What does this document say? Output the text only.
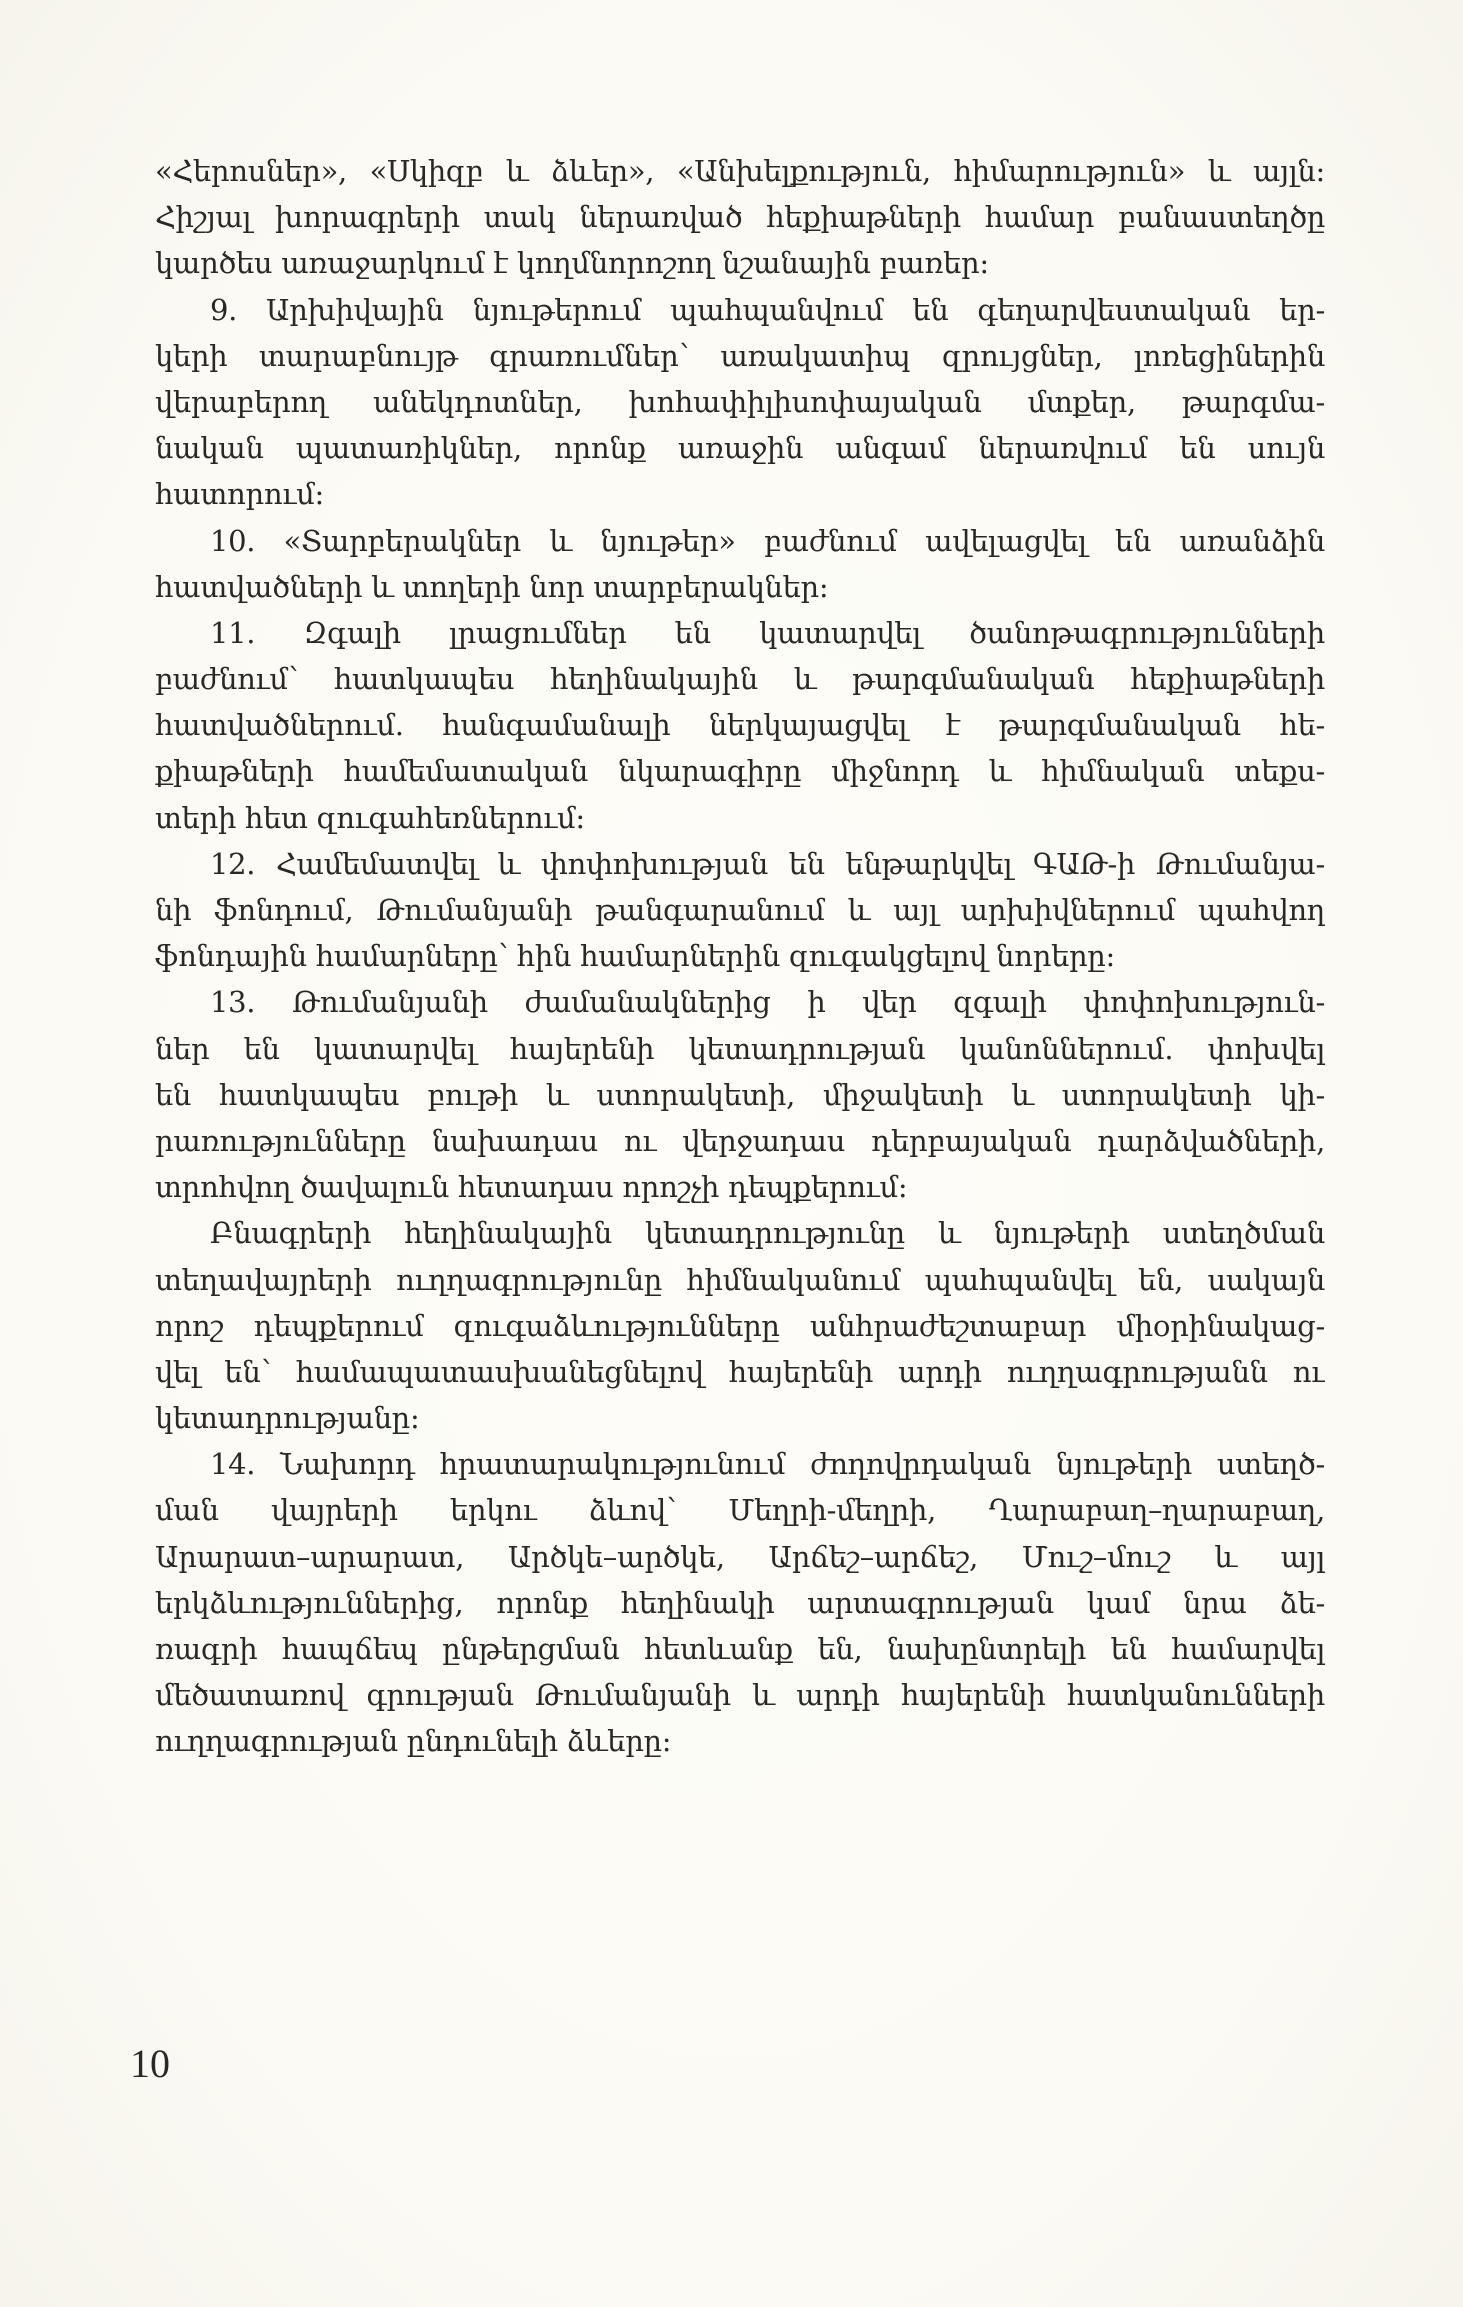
«Հերոսներ», «Սկիզբ և ձևեր», «Անխելքություն, հիմարություն» և այլն:
Հիշյալ խորագրերի տակ ներառված հեքիաթների համար բանաստեղծը
կարծես առաջարկում է կողմնորոշող նշանային բառեր:
9. Արխիվային նյութերում պահպանվում են գեղարվեստական եր-
կերի տարաբնույթ գրառումներ՝ առակատիպ զրույցներ, լոռեցիներին
վերաբերող անեկդոտներ, խոհափիլիսոփայական մտքեր, թարգմա-
նական պատառիկներ, որոնք առաջին անգամ ներառվում են սույն
հատորում:
10. «Տարբերակներ և նյութեր» բաժնում ավելացվել են առանձին
հատվածների և տողերի նոր տարբերակներ:
11. Զգալի լրացումներ են կատարվել ծանոթագրությունների
բաժնում՝ հատկապես հեղինակային և թարգմանական հեքիաթների
հատվածներում. հանգամանալի ներկայացվել է թարգմանական հե-
քիաթների համեմատական նկարագիրը միջնորդ և հիմնական տեքս-
տերի հետ զուգահեռներում:
12. Համեմատվել և փոփոխության են ենթարկվել ԳԱԹ-ի Թումանյա-
նի ֆոնդում, Թումանյանի թանգարանում և այլ արխիվներում պահվող
ֆոնդային համարները՝ հին համարներին զուգակցելով նորերը:
13. Թումանյանի ժամանակներից ի վեր զգալի փոփոխություն-
ներ են կատարվել հայերենի կետադրության կանոններում. փոխվել
են հատկապես բութի և ստորակետի, միջակետի և ստորակետի կի-
րառությունները նախադաս ու վերջադաս դերբայական դարձվածների,
տրոհվող ծավալուն հետադաս որոշչի դեպքերում:
Բնագրերի հեղինակային կետադրությունը և նյութերի ստեղծման
տեղավայրերի ուղղագրությունը հիմնականում պահպանվել են, սակայն
որոշ դեպքերում զուգաձևությունները անհրաժեշտաբար միօրինակաց-
վել են՝ համապատասխանեցնելով հայերենի արդի ուղղագրությանն ու
կետադրությանը:
14. Նախորդ հրատարակությունում ժողովրդական նյութերի ստեղծ-
ման վայրերի երկու ձևով՝ Մեղրի-մեղրի, Ղարաբաղ–ղարաբաղ,
Արարատ–արարատ, Արծկե–արծկե, Արճեշ–արճեշ, Մուշ–մուշ և այլ
երկձևություններից, որոնք հեղինակի արտագրության կամ նրա ձե-
ռագրի հապճեպ ընթերցման հետևանք են, նախընտրելի են համարվել
մեծատառով գրության Թումանյանի և արդի հայերենի հատկանունների
ուղղագրության ընդունելի ձևերը:
10
